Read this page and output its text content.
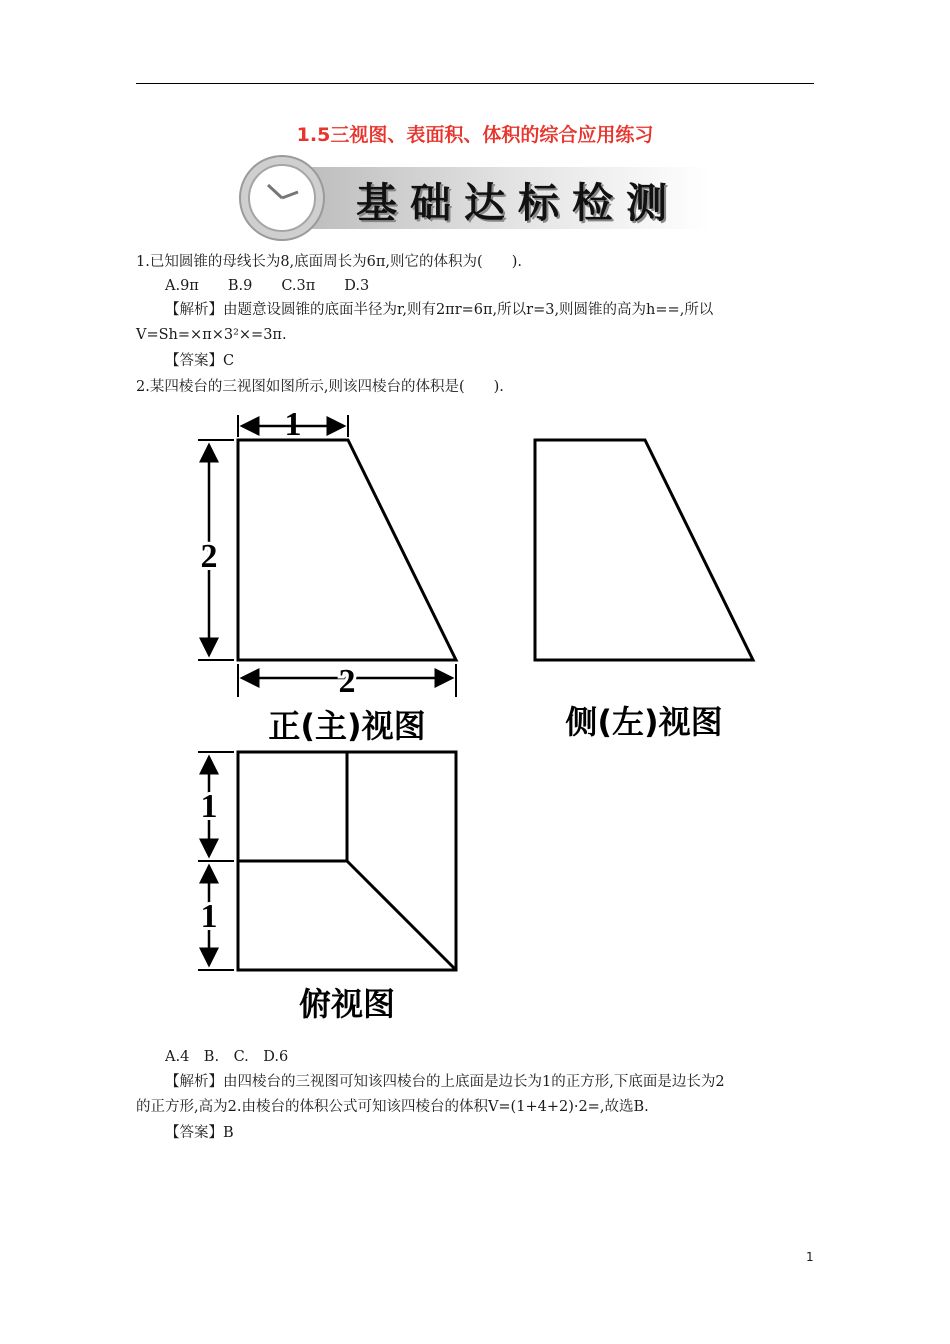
1.5三视图、表面积、体积的综合应用练习
基础达标检测
1.已知圆锥的母线长为8,底面周长为6π,则它的体积为(　　).
A.9π　　B.9　　C.3π　　D.3
【解析】由题意设圆锥的底面半径为r,则有2πr=6π,所以r=3,则圆锥的高为h==,所以
V=Sh=×π×3²×=3π.
【答案】C
2.某四棱台的三视图如图所示,则该四棱台的体积是(　　).
1
2
2
正(主)视图	侧(左)视图
1
1
俯视图
A.4　B.　C.　D.6
【解析】由四棱台的三视图可知该四棱台的上底面是边长为1的正方形,下底面是边长为2
的正方形,高为2.由棱台的体积公式可知该四棱台的体积V=(1+4+2)·2=,故选B.
【答案】B
1
